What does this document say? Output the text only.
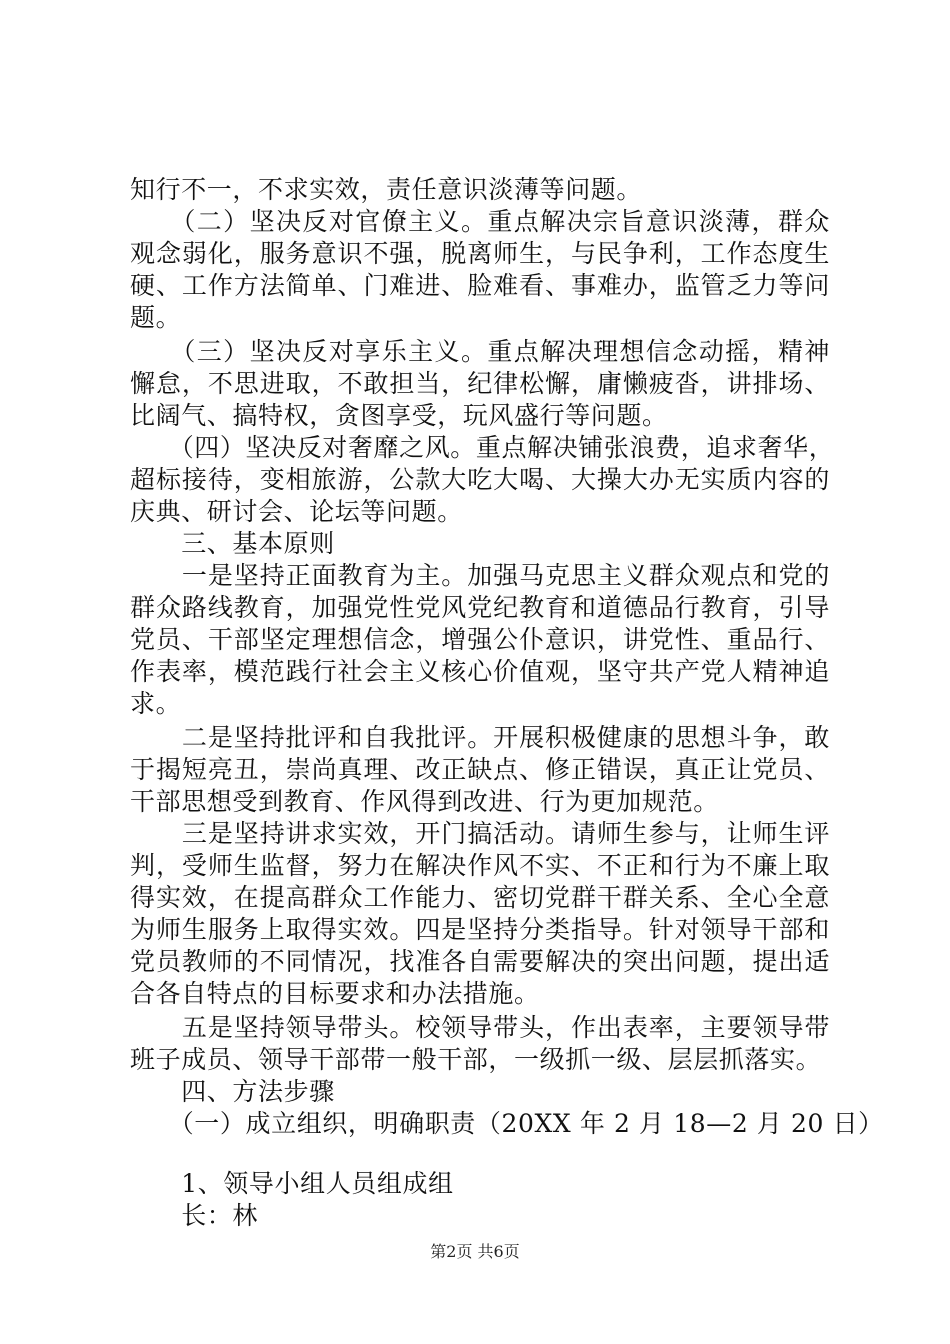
知行不一，不求实效，责任意识淡薄等问题。
　　（二）坚决反对官僚主义。重点解决宗旨意识淡薄，群众
观念弱化，服务意识不强，脱离师生，与民争利，工作态度生
硬、工作方法简单、门难进、脸难看、事难办，监管乏力等问
题。
　　（三）坚决反对享乐主义。重点解决理想信念动摇，精神
懈怠，不思进取，不敢担当，纪律松懈，庸懒疲沓，讲排场、
比阔气、搞特权，贪图享受，玩风盛行等问题。
　　（四）坚决反对奢靡之风。重点解决铺张浪费，追求奢华，
超标接待，变相旅游，公款大吃大喝、大操大办无实质内容的
庆典、研讨会、论坛等问题。
　　三、基本原则
　　一是坚持正面教育为主。加强马克思主义群众观点和党的
群众路线教育，加强党性党风党纪教育和道德品行教育，引导
党员、干部坚定理想信念，增强公仆意识，讲党性、重品行、
作表率，模范践行社会主义核心价值观，坚守共产党人精神追
求。
　　二是坚持批评和自我批评。开展积极健康的思想斗争，敢
于揭短亮丑，崇尚真理、改正缺点、修正错误，真正让党员、
干部思想受到教育、作风得到改进、行为更加规范。
　　三是坚持讲求实效，开门搞活动。请师生参与，让师生评
判，受师生监督，努力在解决作风不实、不正和行为不廉上取
得实效，在提高群众工作能力、密切党群干群关系、全心全意
为师生服务上取得实效。四是坚持分类指导。针对领导干部和
党员教师的不同情况，找准各自需要解决的突出问题，提出适
合各自特点的目标要求和办法措施。
　　五是坚持领导带头。校领导带头，作出表率，主要领导带
班子成员、领导干部带一般干部，一级抓一级、层层抓落实。
　　四、方法步骤
　　（一）成立组织，明确职责（20XX 年 2 月 18—2 月 20 日）
　　1、领导小组人员组成组
　　长：林
第2页 共6页
